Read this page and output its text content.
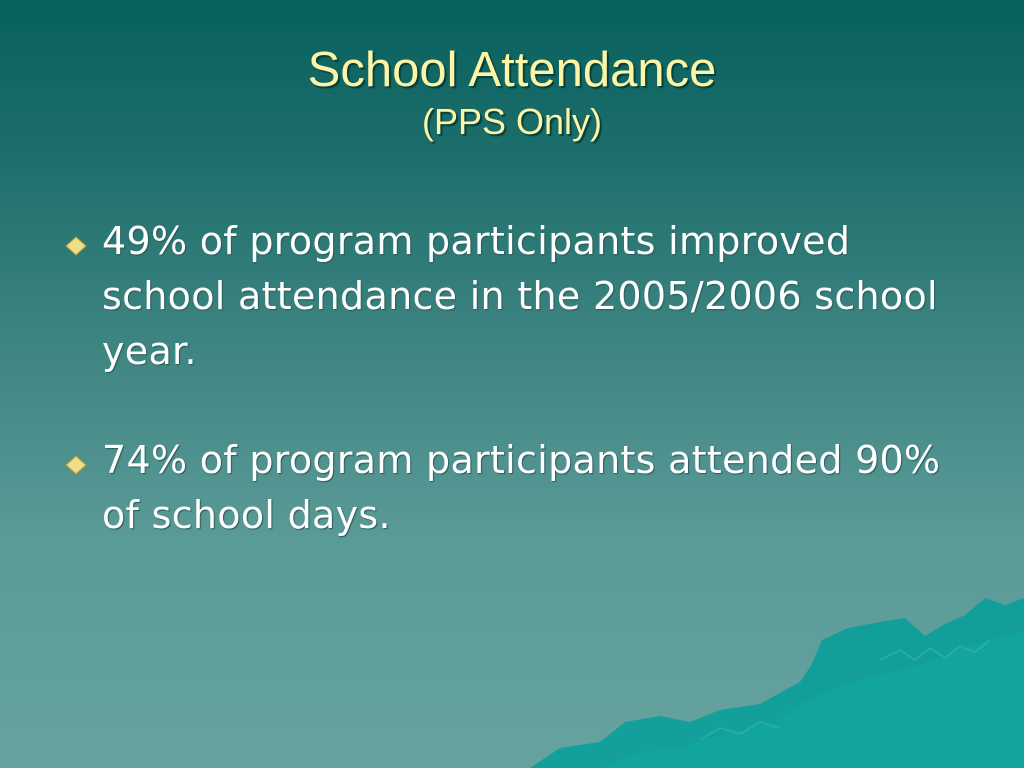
School Attendance
(PPS Only)
49% of program participants improved school attendance in the 2005/2006 school year.
74% of program participants attended 90% of school days.
